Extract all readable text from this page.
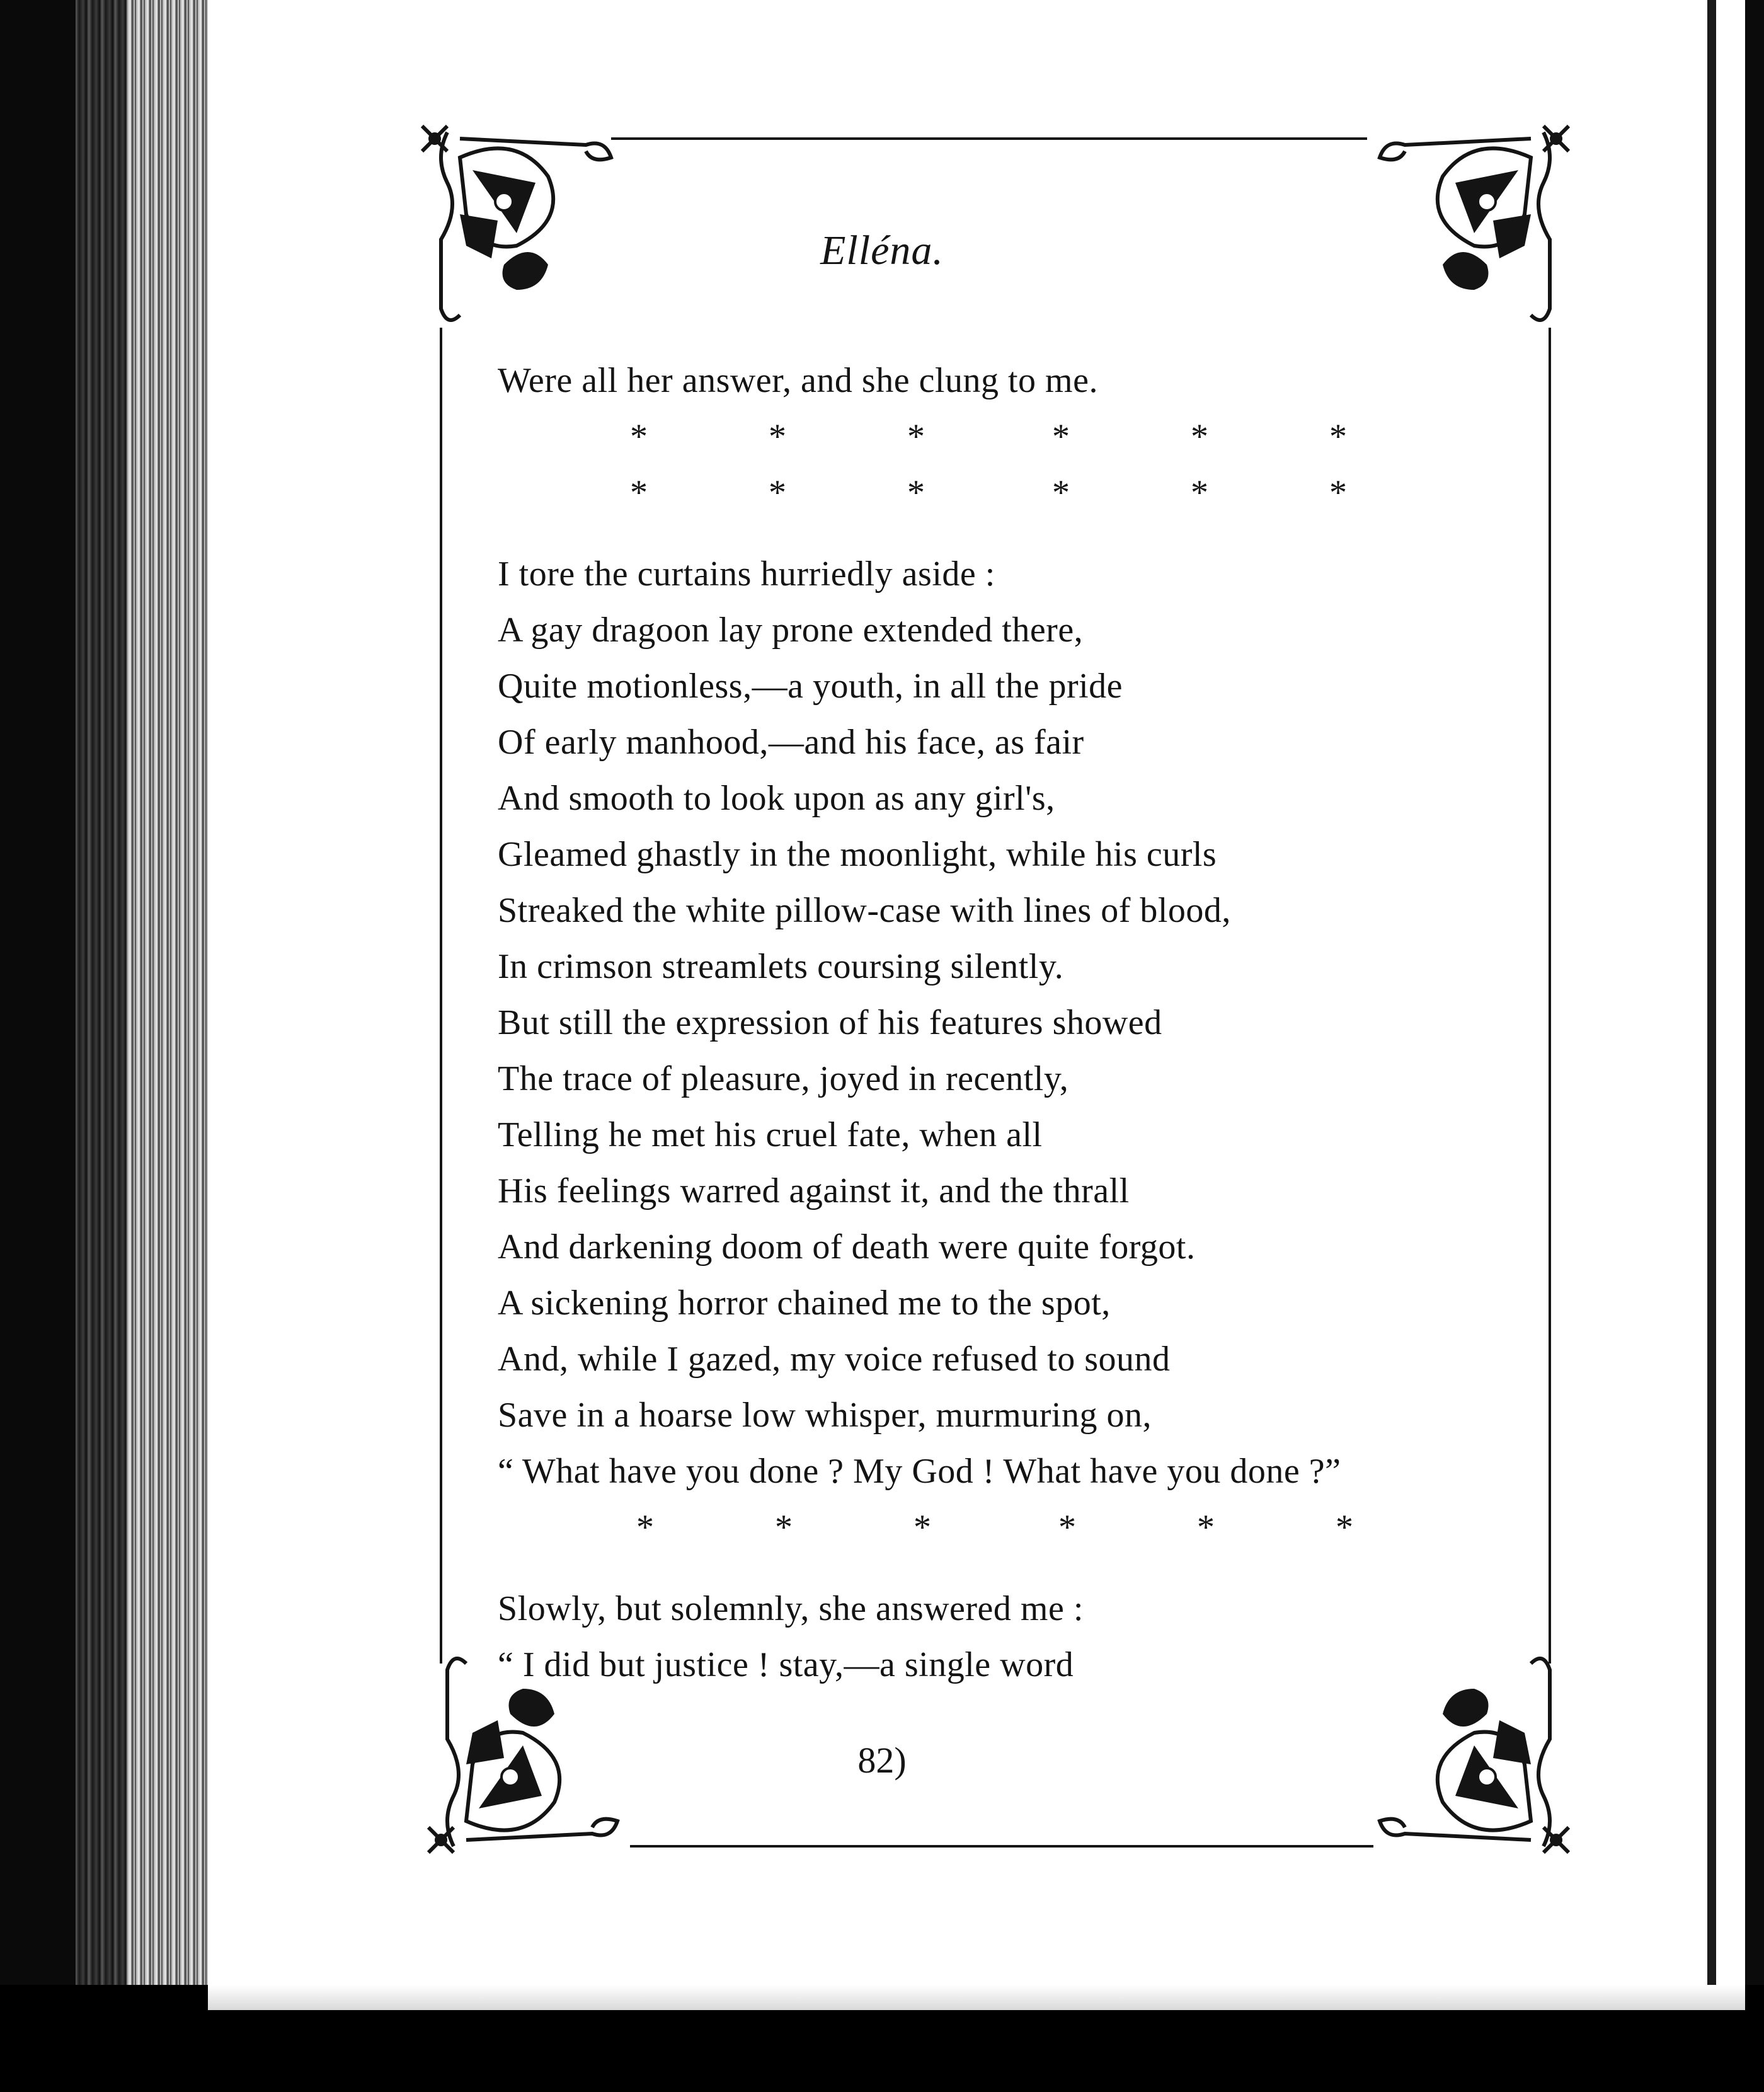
Elléna.
Were all her answer, and she clung to me.
*	*	*	*	*	*
*	*	*	*	*	*
I tore the curtains hurriedly aside :
A gay dragoon lay prone extended there,
Quite motionless,—a youth, in all the pride
Of early manhood,—and his face, as fair
And smooth to look upon as any girl's,
Gleamed ghastly in the moonlight, while his curls
Streaked the white pillow-case with lines of blood,
In crimson streamlets coursing silently.
But still the expression of his features showed
The trace of pleasure, joyed in recently,
Telling he met his cruel fate, when all
His feelings warred against it, and the thrall
And darkening doom of death were quite forgot.
A sickening horror chained me to the spot,
And, while I gazed, my voice refused to sound
Save in a hoarse low whisper, murmuring on,
“ What have you done ? My God ! What have you done ?”
*	*	*	*	*	*
Slowly, but solemnly, she answered me :
“ I did but justice ! stay,—a single word
82)
